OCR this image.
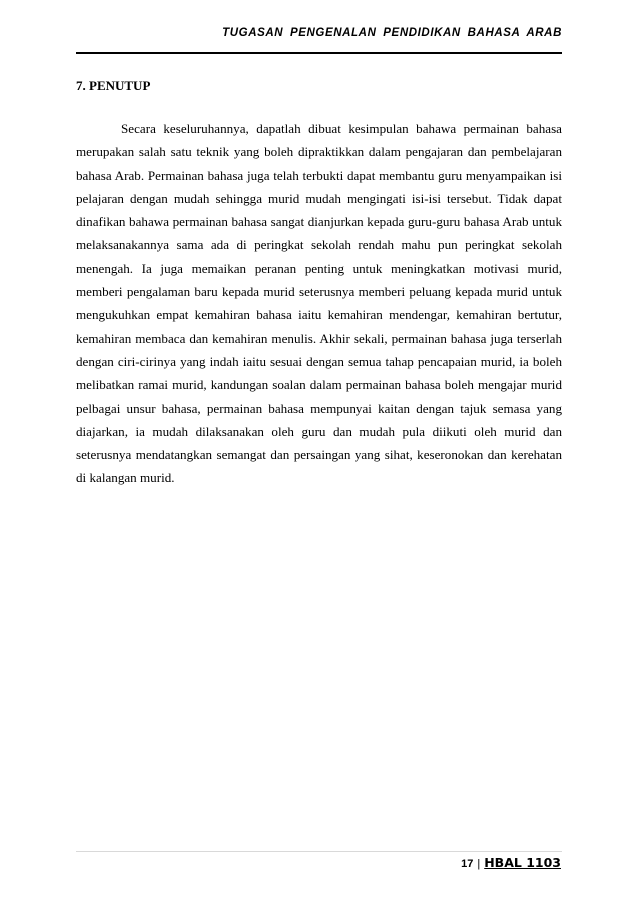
TUGASAN PENGENALAN PENDIDIKAN BAHASA ARAB
7. PENUTUP

Secara keseluruhannya, dapatlah dibuat kesimpulan bahawa permainan bahasa merupakan salah satu teknik yang boleh dipraktikkan dalam pengajaran dan pembelajaran bahasa Arab. Permainan bahasa juga telah terbukti dapat membantu guru menyampaikan isi pelajaran dengan mudah sehingga murid mudah mengingati isi-isi tersebut. Tidak dapat dinafikan bahawa permainan bahasa sangat dianjurkan kepada guru-guru bahasa Arab untuk melaksanakannya sama ada di peringkat sekolah rendah mahu pun peringkat sekolah menengah. Ia juga memaikan peranan penting untuk meningkatkan motivasi murid, memberi pengalaman baru kepada murid seterusnya memberi peluang kepada murid untuk mengukuhkan empat kemahiran bahasa iaitu kemahiran mendengar, kemahiran bertutur, kemahiran membaca dan kemahiran menulis. Akhir sekali, permainan bahasa juga terserlah dengan ciri-cirinya yang indah iaitu sesuai dengan semua tahap pencapaian murid, ia boleh melibatkan ramai murid, kandungan soalan dalam permainan bahasa boleh mengajar murid pelbagai unsur bahasa, permainan bahasa mempunyai kaitan dengan tajuk semasa yang diajarkan, ia mudah dilaksanakan oleh guru dan mudah pula diikuti oleh murid dan seterusnya mendatangkan semangat dan persaingan yang sihat, keseronokan dan kerehatan di kalangan murid.

17 | HBAL 1103
